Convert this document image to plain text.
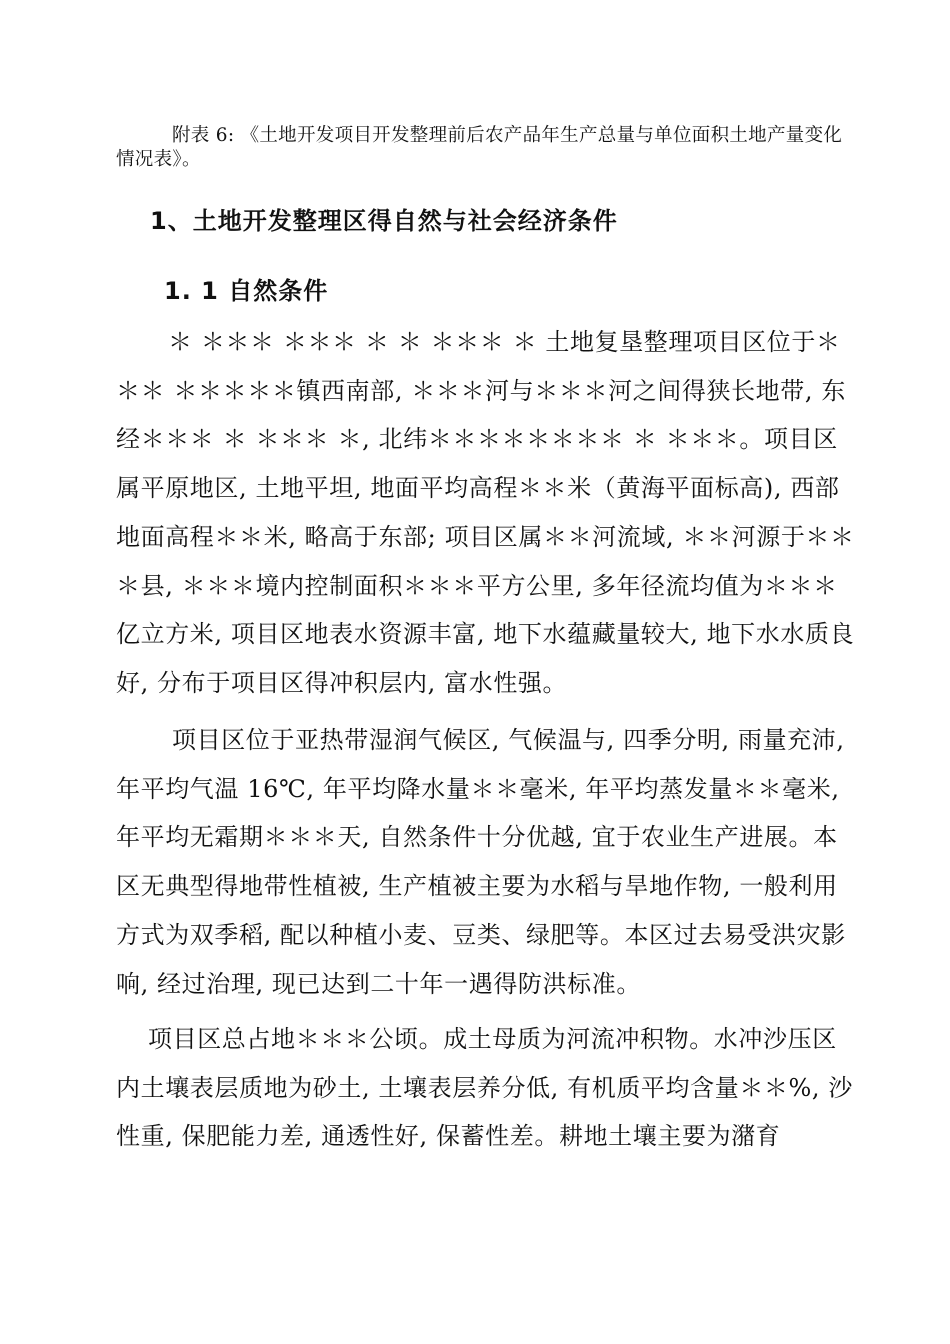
附表 6: 《土地开发项目开发整理前后农产品年生产总量与单位面积土地产量变化情况表》。
1、土地开发整理区得自然与社会经济条件
1. 1 自然条件

＊ ＊＊＊ ＊＊＊ ＊ ＊ ＊＊＊ ＊ 土地复垦整理项目区位于＊＊＊ ＊＊＊＊＊镇西南部, ＊＊＊河与＊＊＊河之间得狭长地带, 东经＊＊＊ ＊ ＊＊＊ ＊, 北纬＊＊＊＊＊＊＊＊ ＊ ＊＊＊。项目区属平原地区, 土地平坦, 地面平均高程＊＊米（黄海平面标高), 西部地面高程＊＊米, 略高于东部; 项目区属＊＊河流域, ＊＊河源于＊＊＊县, ＊＊＊境内控制面积＊＊＊平方公里, 多年径流均值为＊＊＊亿立方米, 项目区地表水资源丰富, 地下水蕴藏量较大, 地下水水质良好, 分布于项目区得冲积层内, 富水性强。

项目区位于亚热带湿润气候区, 气候温与, 四季分明, 雨量充沛, 年平均气温 16℃, 年平均降水量＊＊毫米, 年平均蒸发量＊＊毫米, 年平均无霜期＊＊＊天, 自然条件十分优越, 宜于农业生产进展。本区无典型得地带性植被, 生产植被主要为水稻与旱地作物, 一般利用方式为双季稻, 配以种植小麦、豆类、绿肥等。本区过去易受洪灾影响, 经过治理, 现已达到二十年一遇得防洪标准。

项目区总占地＊＊＊公顷。成土母质为河流冲积物。水冲沙压区内土壤表层质地为砂土, 土壤表层养分低, 有机质平均含量＊＊%, 沙性重, 保肥能力差, 通透性好, 保蓄性差。耕地土壤主要为潴育
